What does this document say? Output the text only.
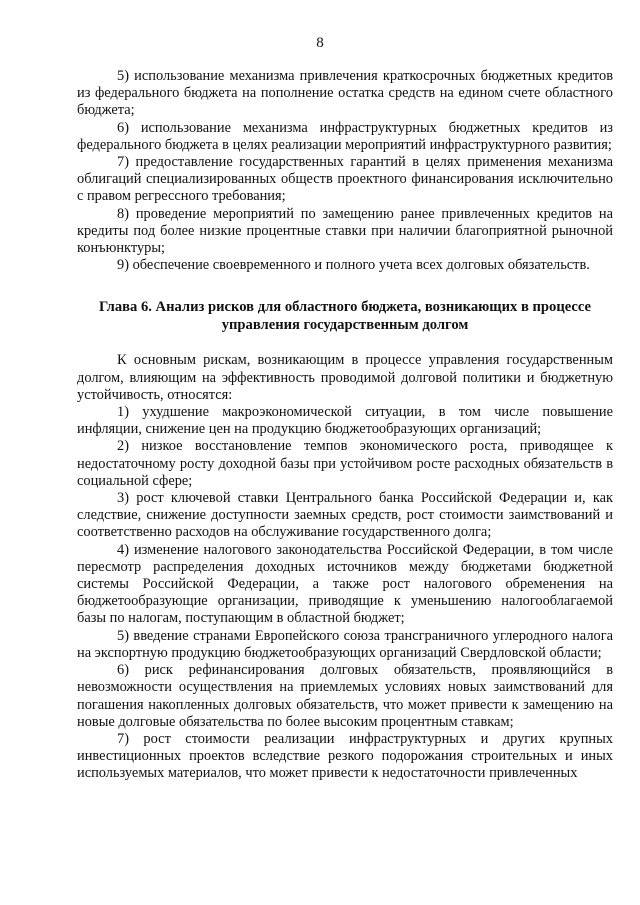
8

5) использование механизма привлечения краткосрочных бюджетных кредитов из федерального бюджета на пополнение остатка средств на едином счете областного бюджета;

6) использование механизма инфраструктурных бюджетных кредитов из федерального бюджета в целях реализации мероприятий инфраструктурного развития;

7) предоставление государственных гарантий в целях применения механизма облигаций специализированных обществ проектного финансирования исключительно с правом регрессного требования;

8) проведение мероприятий по замещению ранее привлеченных кредитов на кредиты под более низкие процентные ставки при наличии благоприятной рыночной конъюнктуры;

9) обеспечение своевременного и полного учета всех долговых обязательств.

Глава 6. Анализ рисков для областного бюджета, возникающих в процессе управления государственным долгом

К основным рискам, возникающим в процессе управления государственным долгом, влияющим на эффективность проводимой долговой политики и бюджетную устойчивость, относятся:

1) ухудшение макроэкономической ситуации, в том числе повышение инфляции, снижение цен на продукцию бюджетообразующих организаций;

2) низкое восстановление темпов экономического роста, приводящее к недостаточному росту доходной базы при устойчивом росте расходных обязательств в социальной сфере;

3) рост ключевой ставки Центрального банка Российской Федерации и, как следствие, снижение доступности заемных средств, рост стоимости заимствований и соответственно расходов на обслуживание государственного долга;

4) изменение налогового законодательства Российской Федерации, в том числе пересмотр распределения доходных источников между бюджетами бюджетной системы Российской Федерации, а также рост налогового обременения на бюджетообразующие организации, приводящие к уменьшению налогооблагаемой базы по налогам, поступающим в областной бюджет;

5) введение странами Европейского союза трансграничного углеродного налога на экспортную продукцию бюджетообразующих организаций Свердловской области;

6) риск рефинансирования долговых обязательств, проявляющийся в невозможности осуществления на приемлемых условиях новых заимствований для погашения накопленных долговых обязательств, что может привести к замещению на новые долговые обязательства по более высоким процентным ставкам;

7) рост стоимости реализации инфраструктурных и других крупных инвестиционных проектов вследствие резкого подорожания строительных и иных используемых материалов, что может привести к недостаточности привлеченных
